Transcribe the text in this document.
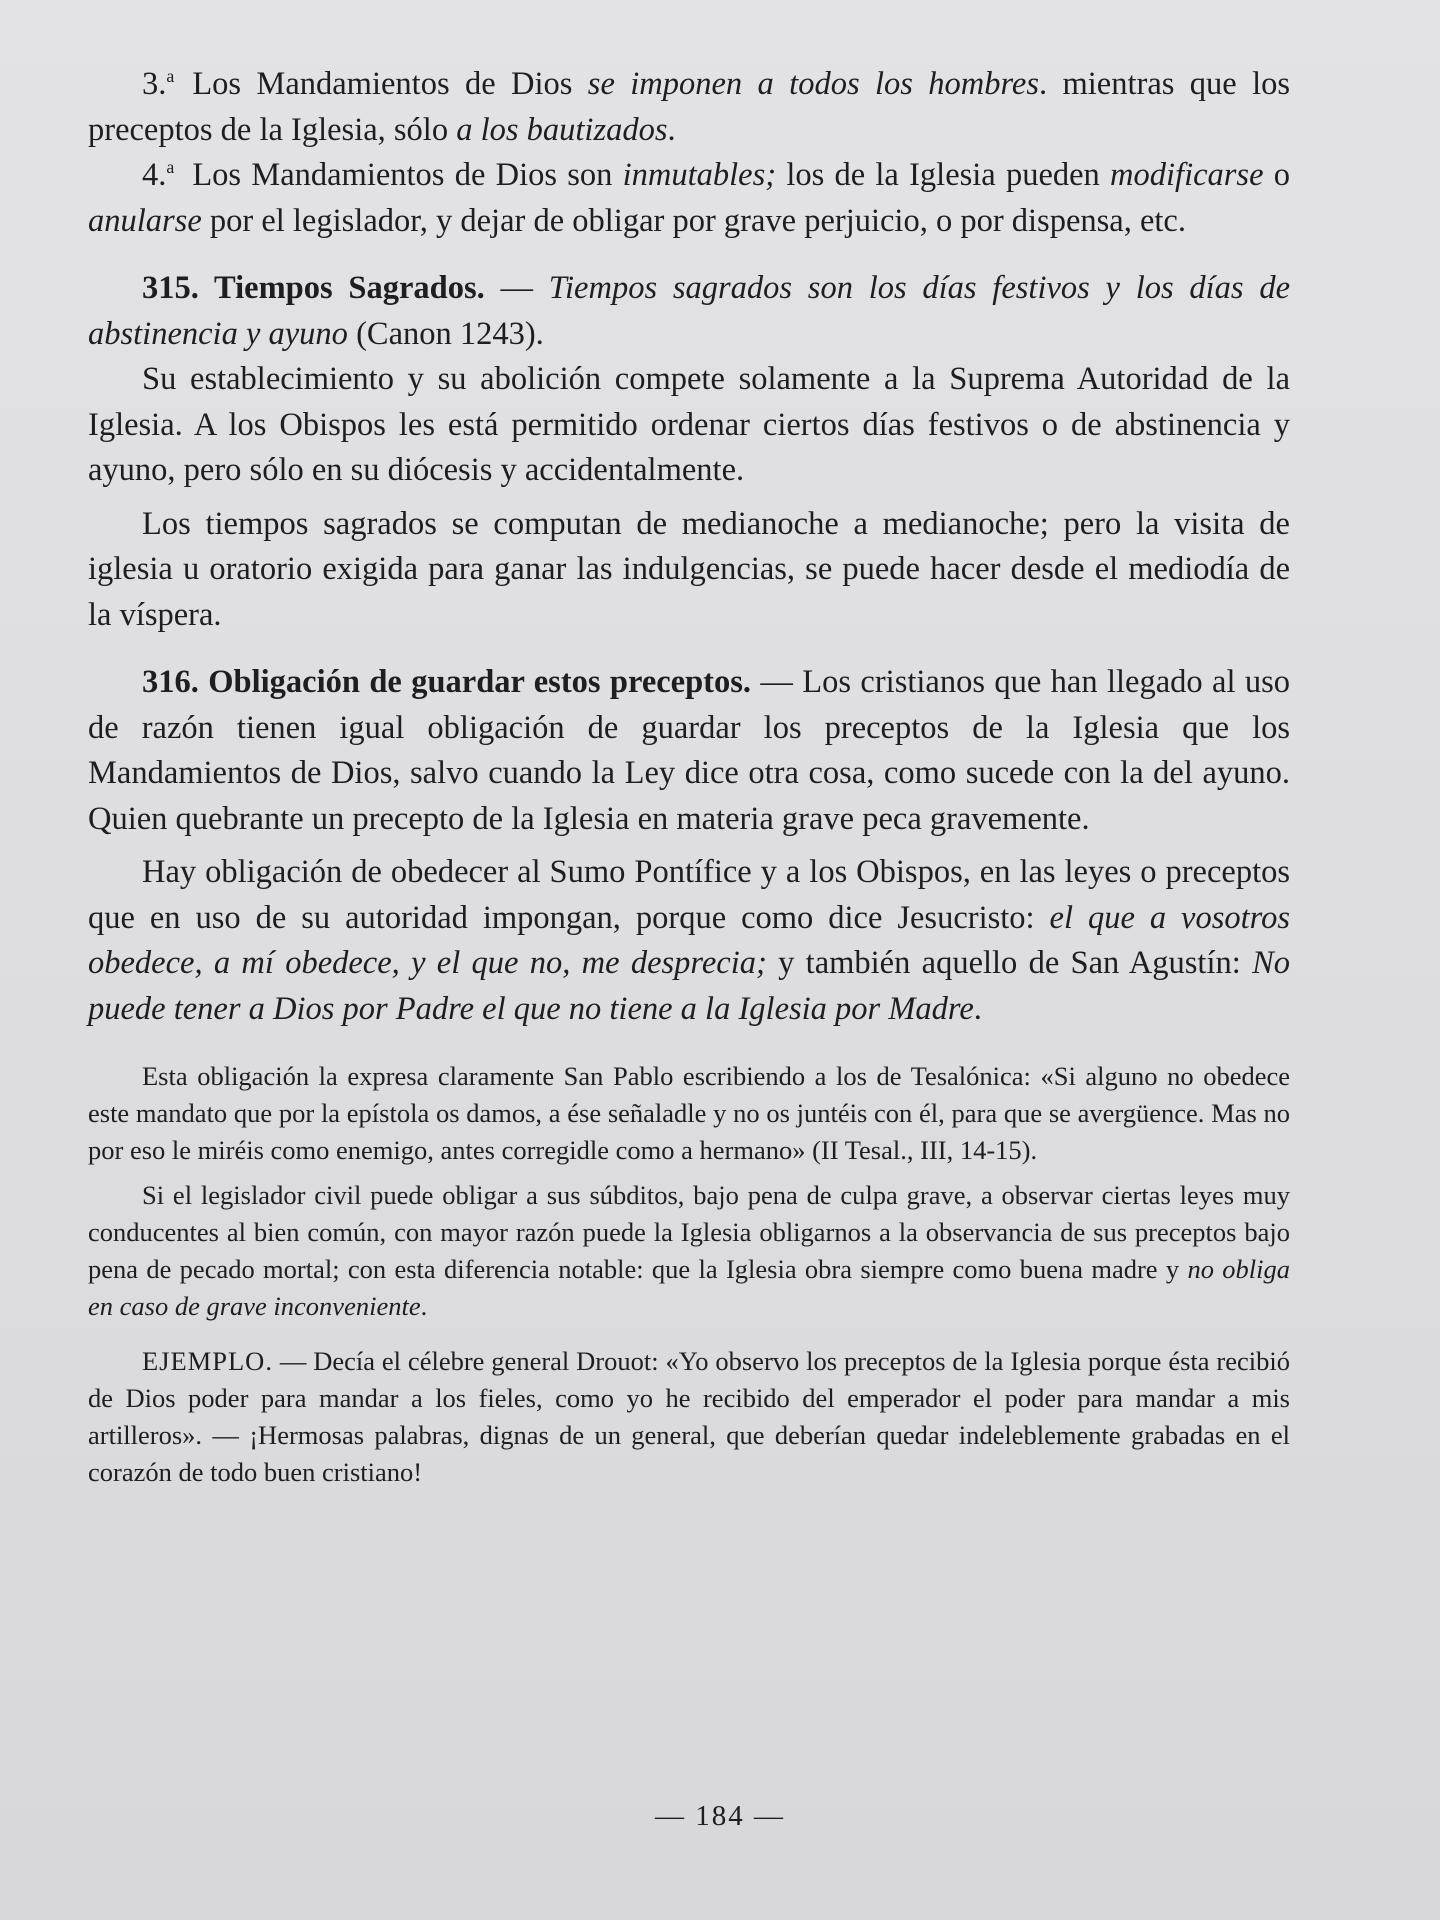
3.$^a$ Los Mandamientos de Dios se imponen a todos los hombres. mientras que los preceptos de la Iglesia, sólo a los bautizados.

4.$^a$ Los Mandamientos de Dios son inmutables; los de la Iglesia pueden modificarse o anularse por el legislador, y dejar de obligar por grave perjuicio, o por dispensa, etc.

315. Tiempos Sagrados. — Tiempos sagrados son los días festivos y los días de abstinencia y ayuno (Canon 1243).

Su establecimiento y su abolición compete solamente a la Suprema Autoridad de la Iglesia. A los Obispos les está permitido ordenar ciertos días festivos o de abstinencia y ayuno, pero sólo en su diócesis y accidentalmente.

Los tiempos sagrados se computan de medianoche a medianoche; pero la visita de iglesia u oratorio exigida para ganar las indulgencias, se puede hacer desde el mediodía de la víspera.

316. Obligación de guardar estos preceptos. — Los cristianos que han llegado al uso de razón tienen igual obligación de guardar los preceptos de la Iglesia que los Mandamientos de Dios, salvo cuando la Ley dice otra cosa, como sucede con la del ayuno. Quien quebrante un precepto de la Iglesia en materia grave peca gravemente.

Hay obligación de obedecer al Sumo Pontífice y a los Obispos, en las leyes o preceptos que en uso de su autoridad impongan, porque como dice Jesucristo: el que a vosotros obedece, a mí obedece, y el que no, me desprecia; y también aquello de San Agustín: No puede tener a Dios por Padre el que no tiene a la Iglesia por Madre.

Esta obligación la expresa claramente San Pablo escribiendo a los de Tesalónica: «Si alguno no obedece este mandato que por la epístola os damos, a ése señaladle y no os juntéis con él, para que se avergüence. Mas no por eso le miréis como enemigo, antes corregidle como a hermano» (II Tesal., III, 14-15).

Si el legislador civil puede obligar a sus súbditos, bajo pena de culpa grave, a observar ciertas leyes muy conducentes al bien común, con mayor razón puede la Iglesia obligarnos a la observancia de sus preceptos bajo pena de pecado mortal; con esta diferencia notable: que la Iglesia obra siempre como buena madre y no obliga en caso de grave inconveniente.

EJEMPLO. — Decía el célebre general Drouot: «Yo observo los preceptos de la Iglesia porque ésta recibió de Dios poder para mandar a los fieles, como yo he recibido del emperador el poder para mandar a mis artilleros». — ¡Hermosas palabras, dignas de un general, que deberían quedar indeleblemente grabadas en el corazón de todo buen cristiano!

— 184 —
